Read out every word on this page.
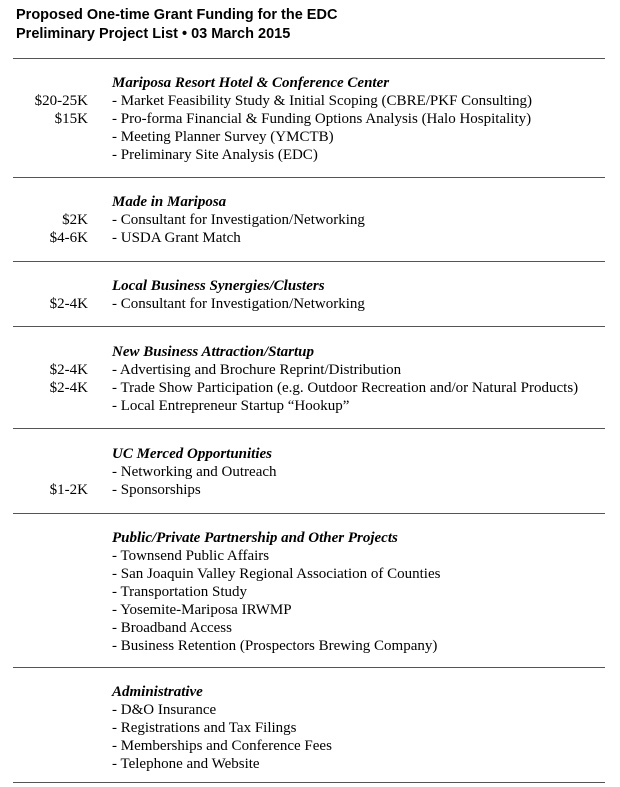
Proposed One-time Grant Funding for the EDC
Preliminary Project List • 03 March 2015
Mariposa Resort Hotel & Conference Center
$20-25K - Market Feasibility Study & Initial Scoping (CBRE/PKF Consulting)
$15K - Pro-forma Financial & Funding Options Analysis (Halo Hospitality)
- Meeting Planner Survey (YMCTB)
- Preliminary Site Analysis (EDC)
Made in Mariposa
$2K - Consultant for Investigation/Networking
$4-6K - USDA Grant Match
Local Business Synergies/Clusters
$2-4K - Consultant for Investigation/Networking
New Business Attraction/Startup
$2-4K - Advertising and Brochure Reprint/Distribution
$2-4K - Trade Show Participation (e.g. Outdoor Recreation and/or Natural Products)
- Local Entrepreneur Startup “Hookup”
UC Merced Opportunities
- Networking and Outreach
$1-2K - Sponsorships
Public/Private Partnership and Other Projects
- Townsend Public Affairs
- San Joaquin Valley Regional Association of Counties
- Transportation Study
- Yosemite-Mariposa IRWMP
- Broadband Access
- Business Retention (Prospectors Brewing Company)
Administrative
- D&O Insurance
- Registrations and Tax Filings
- Memberships and Conference Fees
- Telephone and Website
